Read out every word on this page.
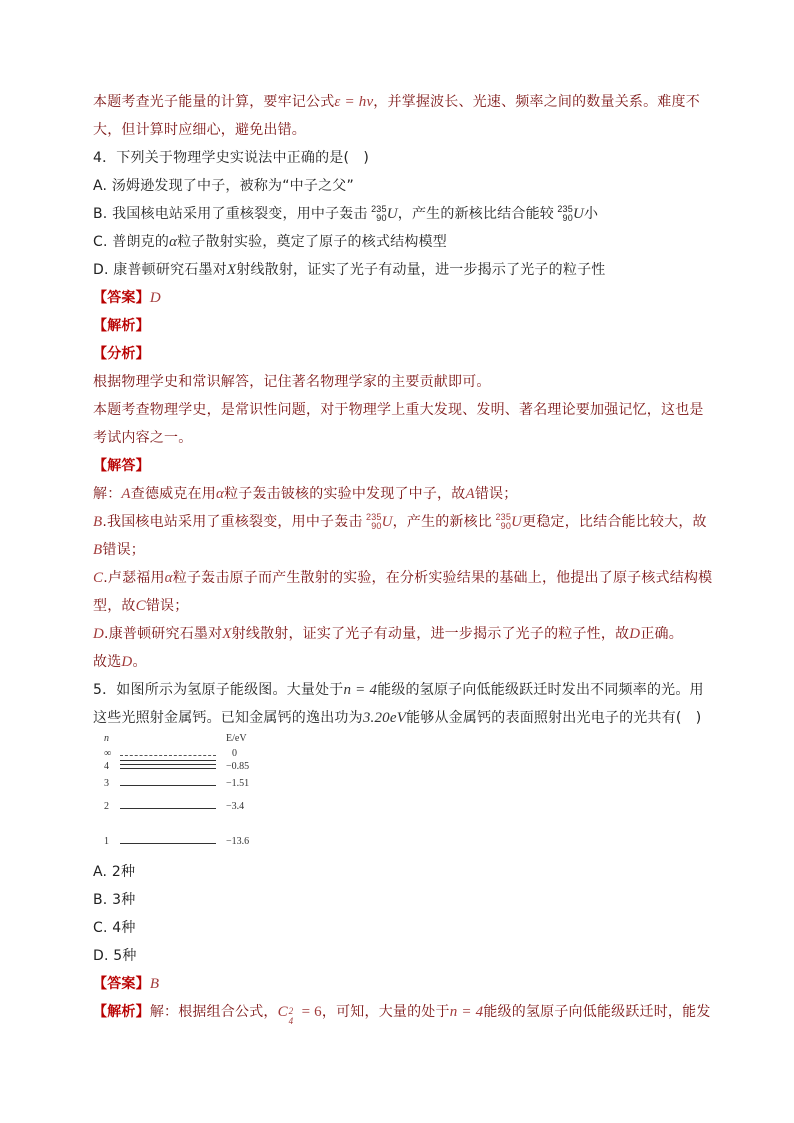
本题考查光子能量的计算，要牢记公式ε = hν，并掌握波长、光速、频率之间的数量关系。难度不
大，但计算时应细心，避免出错。
4．下列关于物理学史实说法中正确的是(　)
A. 汤姆逊发现了中子，被称为“中子之父”
B. 我国核电站采用了重核裂变，用中子轰击 235
90 U，产生的新核比结合能较 235
90 U小
C. 普朗克的α粒子散射实验，奠定了原子的核式结构模型
D. 康普顿研究石墨对X射线散射，证实了光子有动量，进一步揭示了光子的粒子性
【答案】D
【解析】
【分析】
根据物理学史和常识解答，记住著名物理学家的主要贡献即可。
本题考查物理学史，是常识性问题，对于物理学上重大发现、发明、著名理论要加强记忆，这也是
考试内容之一。
【解答】
解：A查德威克在用α粒子轰击铍核的实验中发现了中子，故A错误；
B.我国核电站采用了重核裂变，用中子轰击 235
90 U，产生的新核比 235
90 U更稳定，比结合能比较大，故
B错误；
C.卢瑟福用α粒子轰击原子而产生散射的实验，在分析实验结果的基础上，他提出了原子核式结构模
型，故C错误；
D.康普顿研究石墨对X射线散射，证实了光子有动量，进一步揭示了光子的粒子性，故D正确。
故选D。
5．如图所示为氢原子能级图。大量处于n = 4能级的氢原子向低能级跃迁时发出不同频率的光。用
这些光照射金属钙。已知金属钙的逸出功为3.20eV能够从金属钙的表面照射出光电子的光共有(　)
A. 2种
B. 3种
C. 4种
D. 5种
【答案】B
【解析】解：根据组合公式， C 2
4
= 6，可知，大量的处于n = 4能级的氢原子向低能级跃迁时，能发
n	E/eV
∞	0
4	−0.85
3	−1.51
2	−3.4
1	−13.6
